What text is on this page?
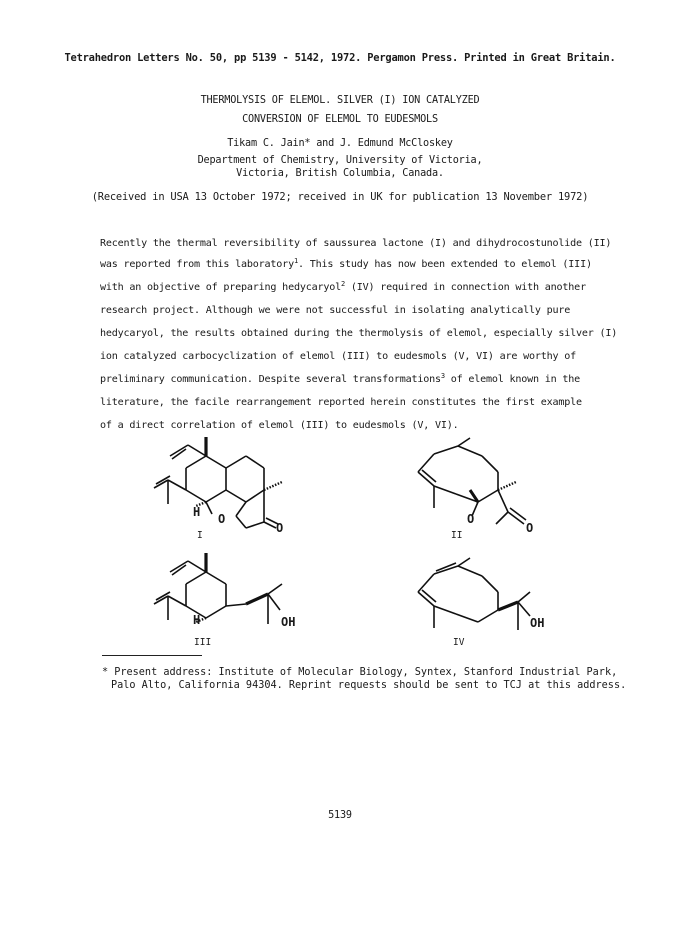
Tetrahedron Letters No. 50, pp 5139 - 5142, 1972. Pergamon Press. Printed in Great Britain.
THERMOLYSIS OF ELEMOL. SILVER (I) ION CATALYZED
CONVERSION OF ELEMOL TO EUDESMOLS
Tikam C. Jain* and J. Edmund McCloskey
Department of Chemistry, University of Victoria,
Victoria, British Columbia, Canada.
(Received in USA 13 October 1972; received in UK for publication 13 November 1972)
Recently the thermal reversibility of saussurea lactone (I) and dihydrocostunolide (II)
was reported from this laboratory$^1$. This study has now been extended to elemol (III)
with an objective of preparing hedycaryol$^2$ (IV) required in connection with another
research project. Although we were not successful in isolating analytically pure
hedycaryol, the results obtained during the thermolysis of elemol, especially silver (I)
ion catalyzed carbocyclization of elemol (III) to eudesmols (V, VI) are worthy of
preliminary communication. Despite several transformations$^3$ of elemol known in the
literature, the facile rearrangement reported herein constitutes the first example
of a direct correlation of elemol (III) to eudesmols (V, VI).
H O
O
I
O
O
II
H	OH
III
OH
IV
* Present address: Institute of Molecular Biology, Syntex, Stanford Industrial Park,
Palo Alto, California 94304. Reprint requests should be sent to TCJ at this address.
5139
